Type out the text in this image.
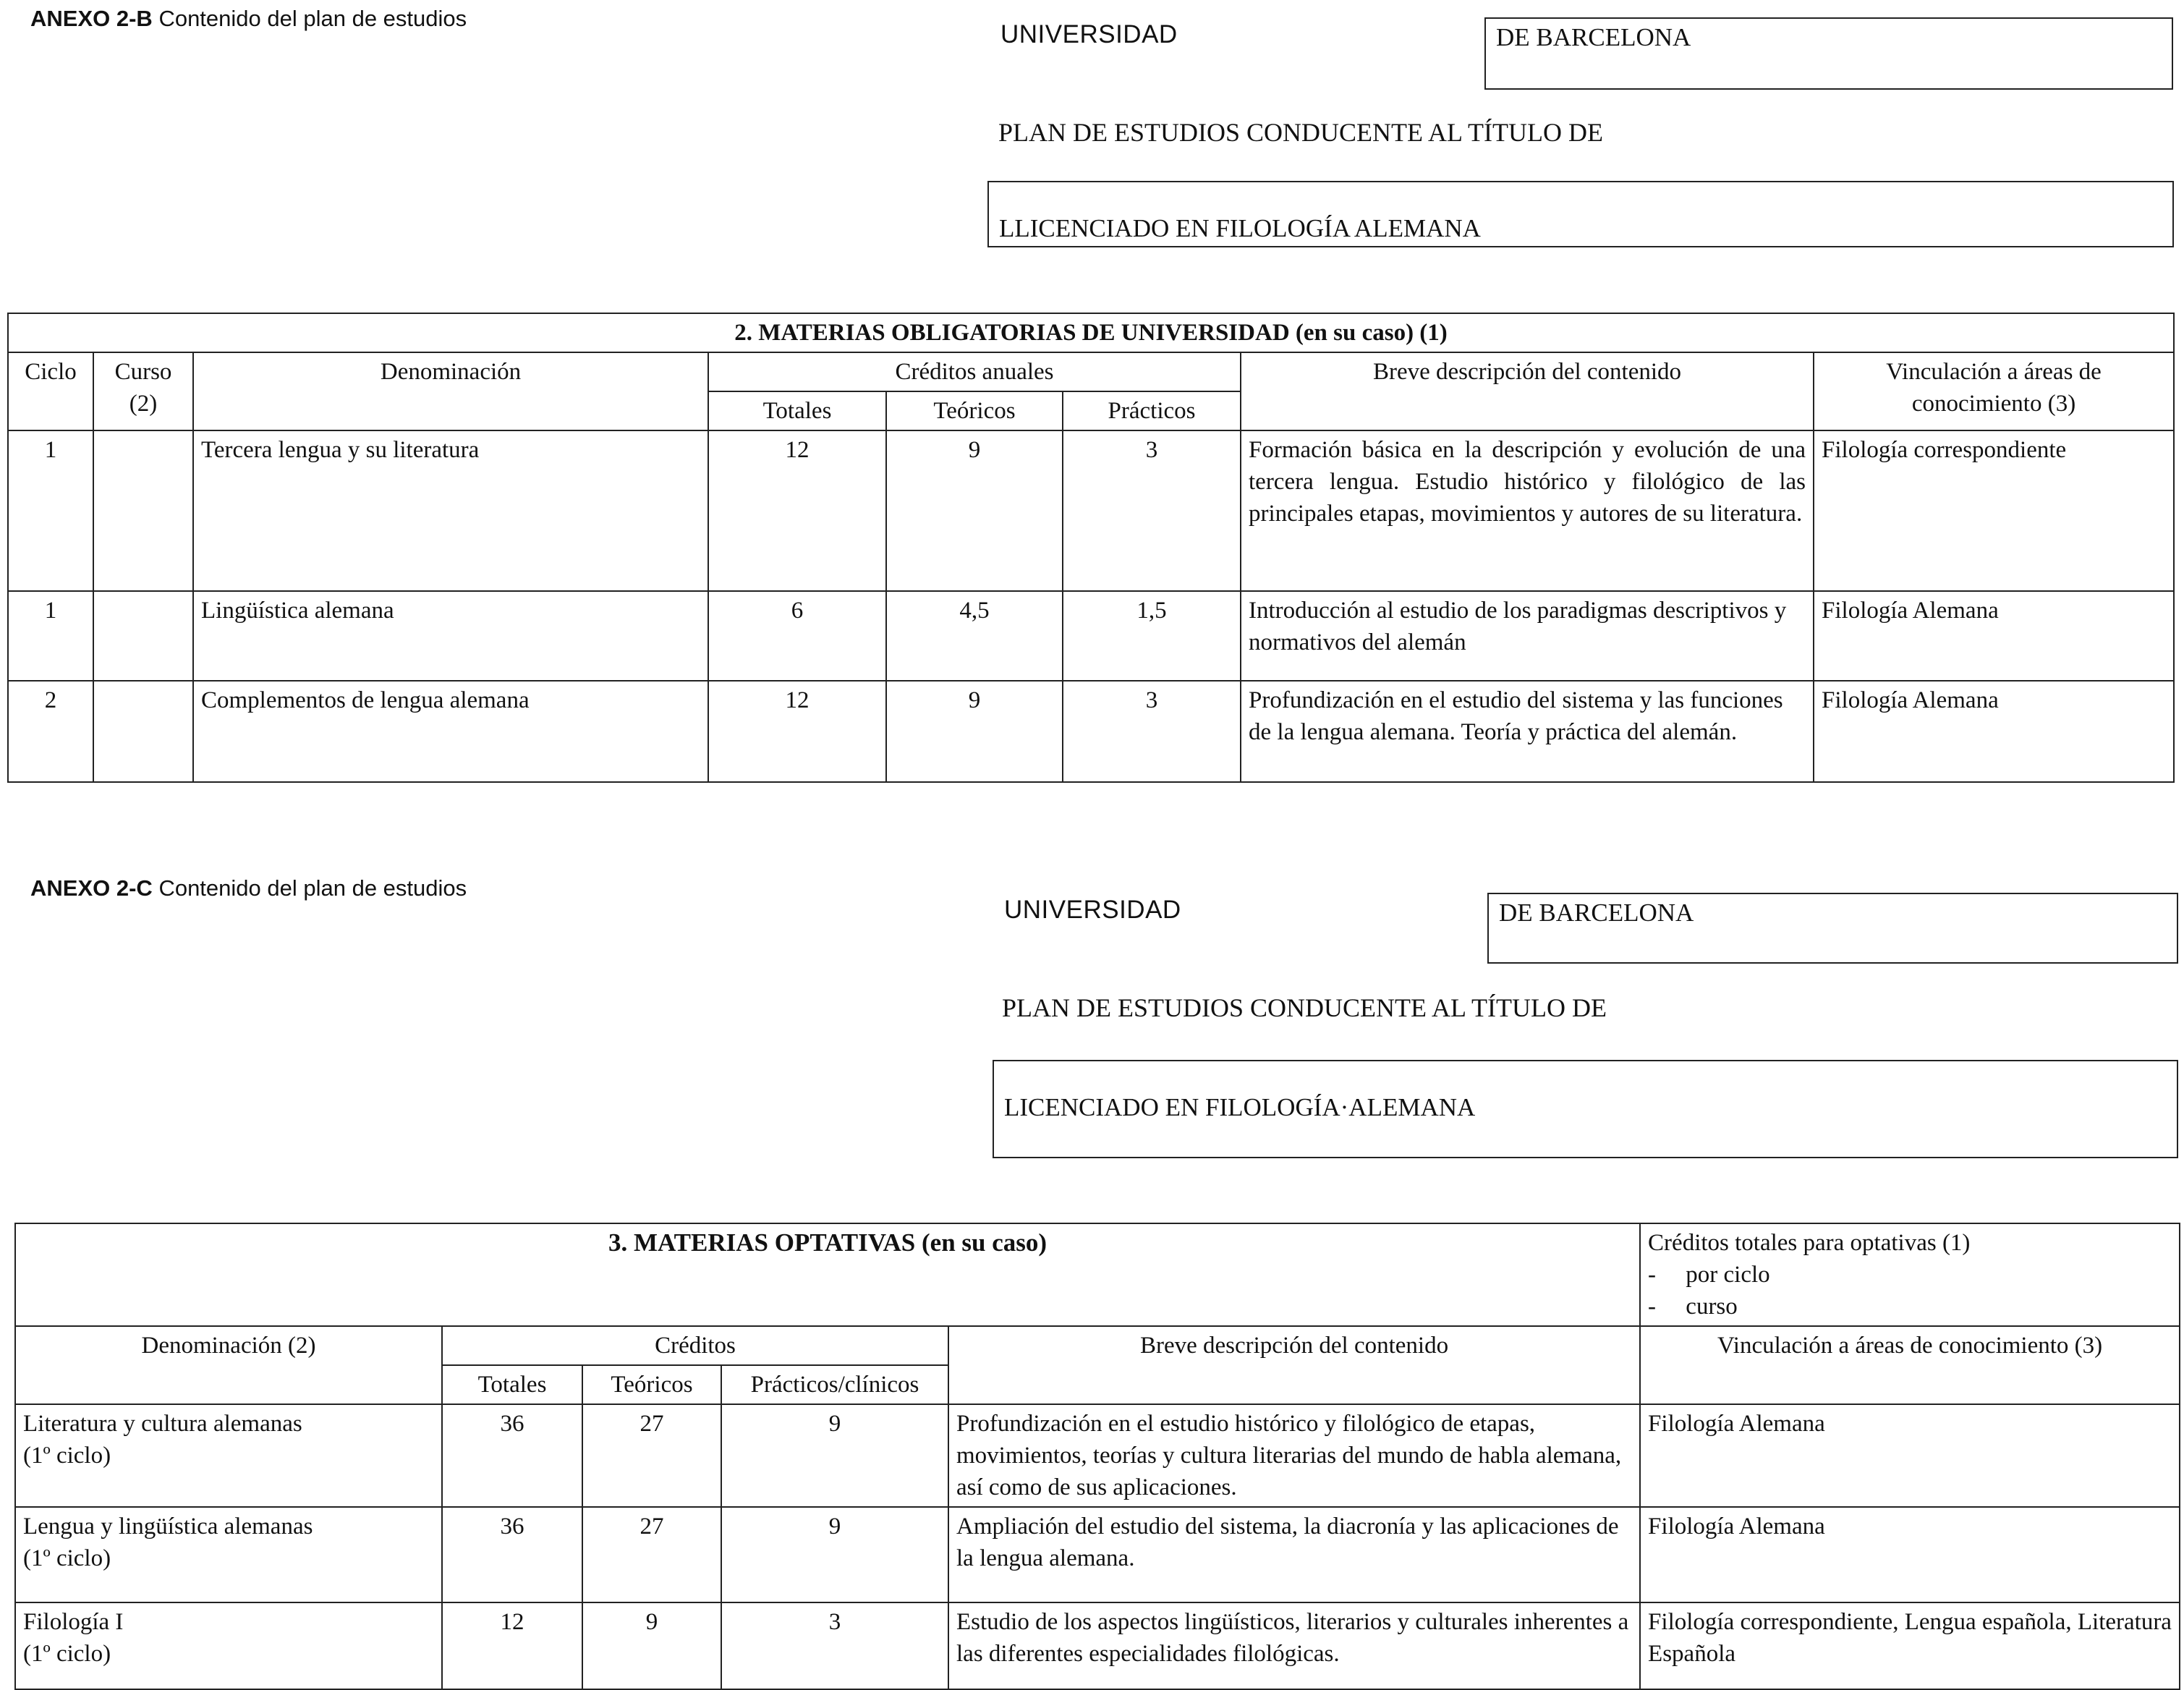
ANEXO 2-B Contenido del plan de estudios
UNIVERSIDAD	DE BARCELONA
PLAN DE ESTUDIOS CONDUCENTE AL TÍTULO DE
LLICENCIADO EN FILOLOGÍA ALEMANA
2. MATERIAS OBLIGATORIAS DE UNIVERSIDAD (en su caso) (1)							
Ciclo	Curso (2)	Denominación	Créditos anuales			Breve descripción del contenido	Vinculación a áreas de conocimiento (3)
			Totales	Teóricos	Prácticos		
1		Tercera lengua y su literatura	12	9	3	Formación básica en la descripción y evolución de una tercera lengua. Estudio histórico y filológico de las principales etapas, movimientos y autores de su literatura.	Filología correspondiente
1		Lingüística alemana	6	4,5	1,5	Introducción al estudio de los paradigmas descriptivos y normativos del alemán	Filología Alemana
2		Complementos de lengua alemana	12	9	3	Profundización en el estudio del sistema y las funciones de la lengua alemana. Teoría y práctica del alemán.	Filología Alemana
ANEXO 2-C Contenido del plan de estudios
UNIVERSIDAD	DE BARCELONA
PLAN DE ESTUDIOS CONDUCENTE AL TÍTULO DE
LICENCIADO EN FILOLOGÍA·ALEMANA
3. MATERIAS OPTATIVAS (en su caso)					Créditos totales para optativas (1)
- por ciclo
- curso

Denominación (2)	Créditos			Breve descripción del contenido	Vinculación a áreas de conocimiento (3)
	Totales	Teóricos	Prácticos/clínicos		

Literatura y cultura alemanas
(1º ciclo)	36	27	9	Profundización en el estudio histórico y filológico de etapas, movimientos, teorías y cultura literarias del mundo de habla alemana, así como de sus aplicaciones.	Filología Alemana

Lengua y lingüística alemanas
(1º ciclo)	36	27	9	Ampliación del estudio del sistema, la diacronía y las aplicaciones de la lengua alemana.	Filología Alemana

Filología I
(1º ciclo)	12	9	3	Estudio de los aspectos lingüísticos, literarios y culturales inherentes a las diferentes especialidades filológicas.	Filología correspondiente, Lengua española, Literatura Española
